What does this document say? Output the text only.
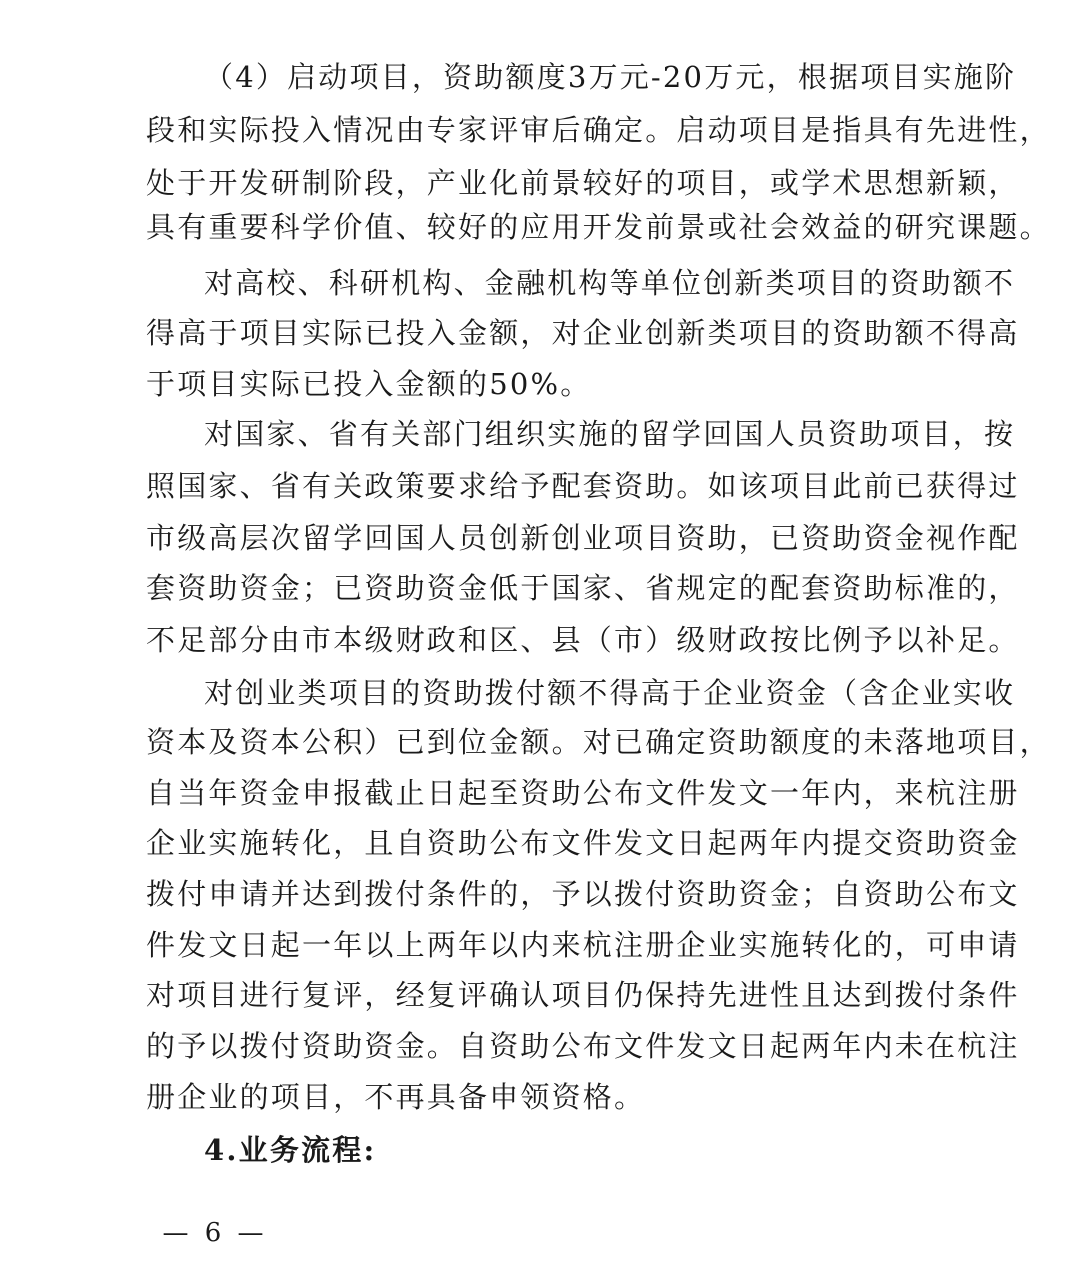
（4）启动项目，资助额度3万元-20万元，根据项目实施阶
段和实际投入情况由专家评审后确定。启动项目是指具有先进性，
处于开发研制阶段，产业化前景较好的项目，或学术思想新颖，
具有重要科学价值、较好的应用开发前景或社会效益的研究课题。
对高校、科研机构、金融机构等单位创新类项目的资助额不
得高于项目实际已投入金额，对企业创新类项目的资助额不得高
于项目实际已投入金额的50%。
对国家、省有关部门组织实施的留学回国人员资助项目，按
照国家、省有关政策要求给予配套资助。如该项目此前已获得过
市级高层次留学回国人员创新创业项目资助，已资助资金视作配
套资助资金；已资助资金低于国家、省规定的配套资助标准的，
不足部分由市本级财政和区、县（市）级财政按比例予以补足。
对创业类项目的资助拨付额不得高于企业资金（含企业实收
资本及资本公积）已到位金额。对已确定资助额度的未落地项目，
自当年资金申报截止日起至资助公布文件发文一年内，来杭注册
企业实施转化，且自资助公布文件发文日起两年内提交资助资金
拨付申请并达到拨付条件的，予以拨付资助资金；自资助公布文
件发文日起一年以上两年以内来杭注册企业实施转化的，可申请
对项目进行复评，经复评确认项目仍保持先进性且达到拨付条件
的予以拨付资助资金。自资助公布文件发文日起两年内未在杭注
册企业的项目，不再具备申领资格。
4.业务流程:
— 6 —
